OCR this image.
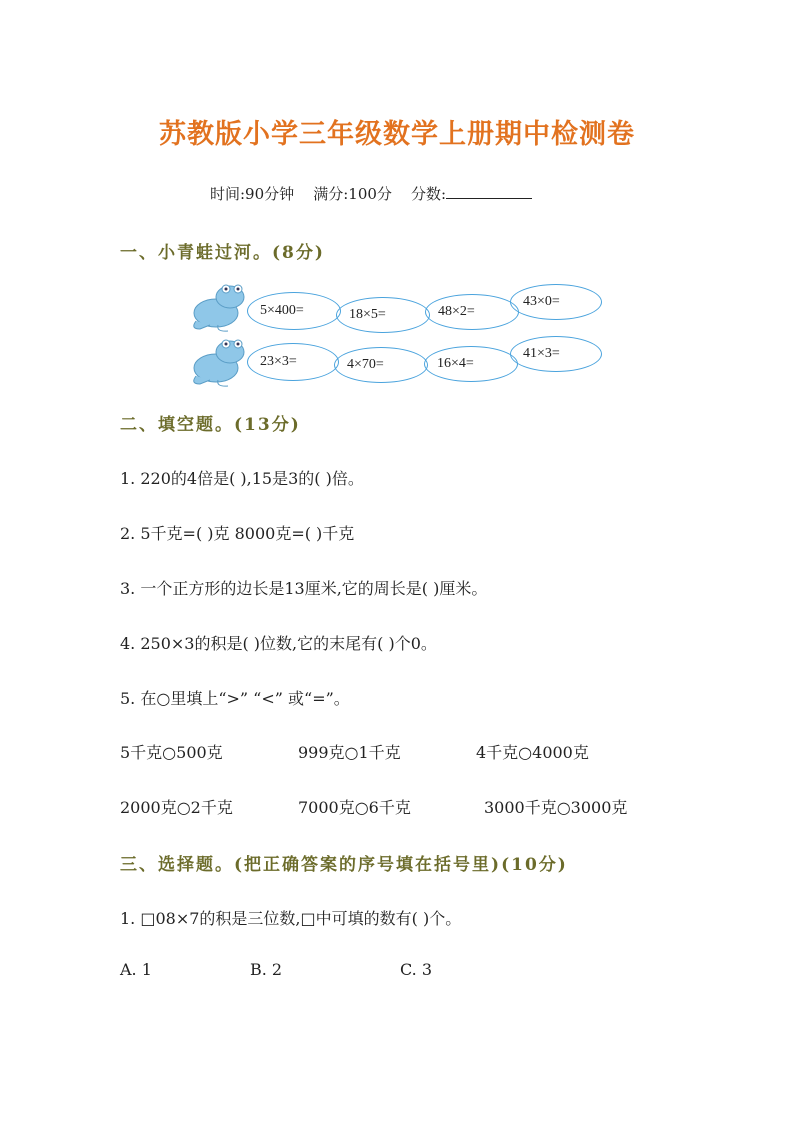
苏教版小学三年级数学上册期中检测卷
时间:90分钟 满分:100分 分数:
一、小青蛙过河。(8分)
5×400=	18×5=	48×2=
43×0=
23×3=	4×70=	16×4=
41×3=
二、填空题。(13分)
1. 220的4倍是( ),15是3的( )倍。
2. 5千克=( )克 8000克=( )千克
3. 一个正方形的边长是13厘米,它的周长是( )厘米。
4. 250×3的积是( )位数,它的末尾有( )个0。
5. 在○里填上“>” “<” 或“=”。
5千克○500克	999克○1千克	4千克○4000克
2000克○2千克	7000克○6千克	3000千克○3000克
三、选择题。(把正确答案的序号填在括号里)(10分)
1. □08×7的积是三位数,□中可填的数有( )个。
A. 1	B. 2	C. 3
